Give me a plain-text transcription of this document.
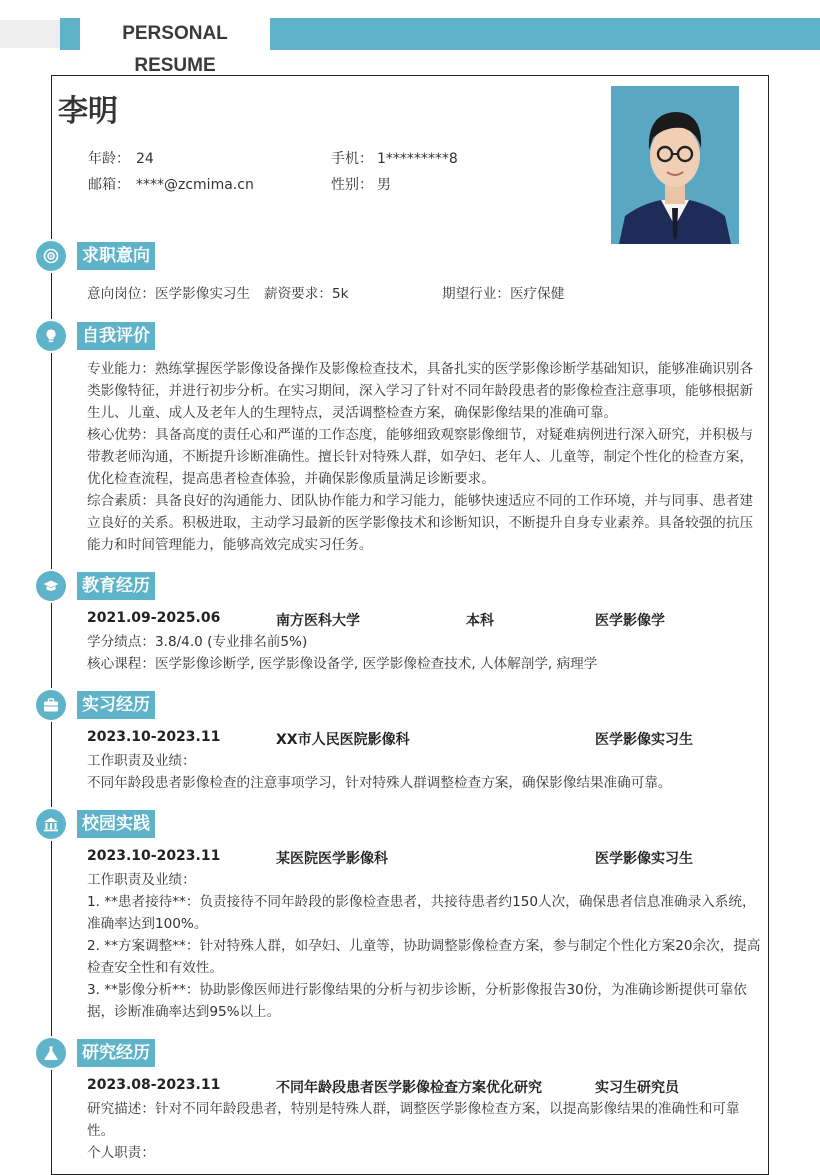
PERSONAL RESUME
李明
年龄： 24	手机： 1*********8
邮箱： ****@zcmima.cn	性别： 男
求职意向
意向岗位：医学影像实习生	薪资要求：5k	期望行业：医疗保健
自我评价
专业能力：熟练掌握医学影像设备操作及影像检查技术，具备扎实的医学影像诊断学基础知识，能够准确识别各类影像特征，并进行初步分析。在实习期间，深入学习了针对不同年龄段患者的影像检查注意事项，能够根据新生儿、儿童、成人及老年人的生理特点，灵活调整检查方案，确保影像结果的准确可靠。
核心优势：具备高度的责任心和严谨的工作态度，能够细致观察影像细节，对疑难病例进行深入研究，并积极与带教老师沟通，不断提升诊断准确性。擅长针对特殊人群，如孕妇、老年人、儿童等，制定个性化的检查方案，优化检查流程，提高患者检查体验，并确保影像质量满足诊断要求。
综合素质：具备良好的沟通能力、团队协作能力和学习能力，能够快速适应不同的工作环境，并与同事、患者建立良好的关系。积极进取，主动学习最新的医学影像技术和诊断知识，不断提升自身专业素养。具备较强的抗压能力和时间管理能力，能够高效完成实习任务。
教育经历
2021.09-2025.06	南方医科大学	本科	医学影像学
学分绩点：3.8/4.0 (专业排名前5%)
核心课程：医学影像诊断学, 医学影像设备学, 医学影像检查技术, 人体解剖学, 病理学
实习经历
2023.10-2023.11	XX市人民医院影像科	医学影像实习生
工作职责及业绩：
不同年龄段患者影像检查的注意事项学习，针对特殊人群调整检查方案，确保影像结果准确可靠。
校园实践
2023.10-2023.11	某医院医学影像科	医学影像实习生
工作职责及业绩：
1. **患者接待**：负责接待不同年龄段的影像检查患者，共接待患者约150人次，确保患者信息准确录入系统，准确率达到100%。
2. **方案调整**：针对特殊人群，如孕妇、儿童等，协助调整影像检查方案，参与制定个性化方案20余次，提高检查安全性和有效性。
3. **影像分析**：协助影像医师进行影像结果的分析与初步诊断，分析影像报告30份，为准确诊断提供可靠依据，诊断准确率达到95%以上。
研究经历
2023.08-2023.11	不同年龄段患者医学影像检查方案优化研究	实习生研究员
研究描述：针对不同年龄段患者，特别是特殊人群，调整医学影像检查方案，以提高影像结果的准确性和可靠性。
个人职责：
